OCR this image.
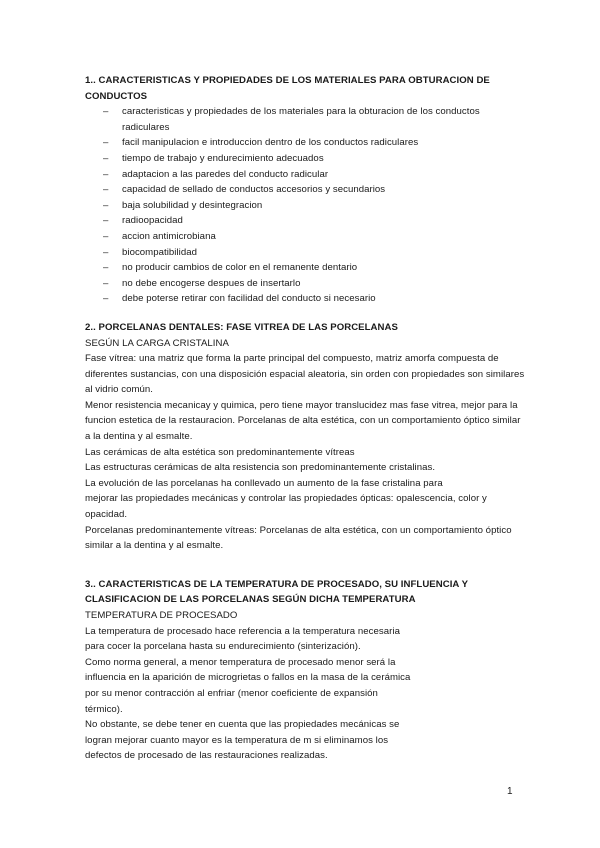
1.. CARACTERISTICAS Y PROPIEDADES DE LOS MATERIALES PARA OBTURACION DE CONDUCTOS

– caracteristicas y propiedades de los materiales para la obturacion de los conductos radiculares
– facil manipulacion e introduccion dentro de los conductos radiculares
– tiempo de trabajo y endurecimiento adecuados
– adaptacion a las paredes del conducto radicular
– capacidad de sellado de conductos accesorios y secundarios
– baja solubilidad y desintegracion
– radioopacidad
– accion antimicrobiana
– biocompatibilidad
– no producir cambios de color en el remanente dentario
– no debe encogerse despues de insertarlo
– debe poterse retirar con facilidad del conducto si necesario

2.. PORCELANAS DENTALES: FASE VITREA DE LAS PORCELANAS

SEGÚN LA CARGA CRISTALINA

Fase vítrea: una matriz que forma la parte principal del compuesto, matriz amorfa compuesta de diferentes sustancias, con una disposición espacial aleatoria, sin orden con propiedades son similares al vidrio común.

Menor resistencia mecanicay y quimica, pero tiene mayor translucidez mas fase vitrea, mejor para la funcion estetica de la restauracion. Porcelanas de alta estética, con un comportamiento óptico similar a la dentina y al esmalte.

Las cerámicas de alta estética son predominantemente vítreas

Las estructuras cerámicas de alta resistencia son predominantemente cristalinas.

La evolución de las porcelanas ha conllevado un aumento de la fase cristalina para

mejorar las propiedades mecánicas y controlar las propiedades ópticas: opalescencia, color y opacidad.

Porcelanas predominantemente vítreas: Porcelanas de alta estética, con un comportamiento óptico similar a la dentina y al esmalte.

3.. CARACTERISTICAS DE LA TEMPERATURA DE PROCESADO, SU INFLUENCIA Y CLASIFICACION DE LAS PORCELANAS SEGÚN DICHA TEMPERATURA

TEMPERATURA DE PROCESADO

La temperatura de procesado hace referencia a la temperatura necesaria

para cocer la porcelana hasta su endurecimiento (sinterización).

Como norma general, a menor temperatura de procesado menor será la

influencia en la aparición de microgrietas o fallos en la masa de la cerámica

por su menor contracción al enfriar (menor coeficiente de expansión

térmico).

No obstante, se debe tener en cuenta que las propiedades mecánicas se

logran mejorar cuanto mayor es la temperatura de m si eliminamos los

defectos de procesado de las restauraciones realizadas.

1
